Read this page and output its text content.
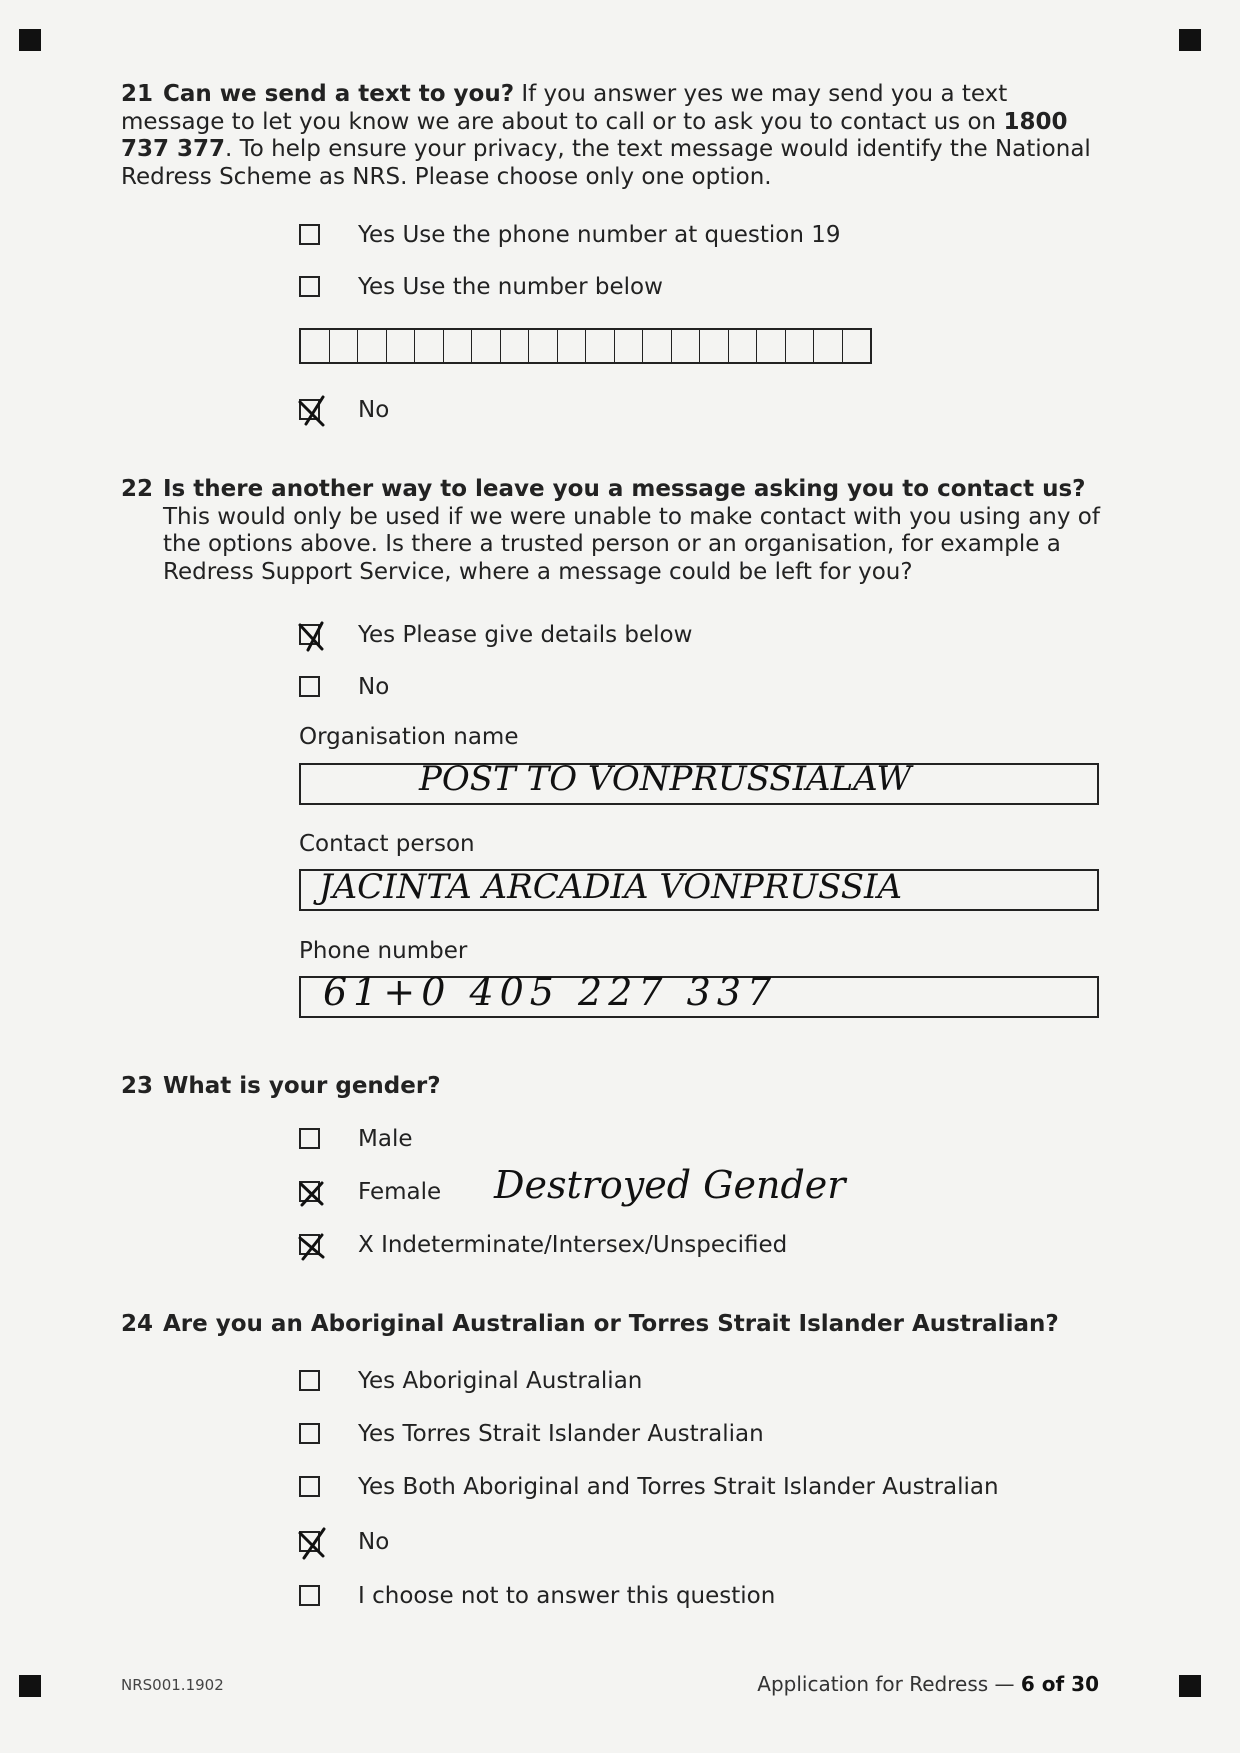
21 Can we send a text to you? If you answer yes we may send you a text message to let you know we are about to call or to ask you to contact us on 1800 737 377. To help ensure your privacy, the text message would identify the National Redress Scheme as NRS. Please choose only one option.
Yes Use the phone number at question 19
Yes Use the number below
No
22 Is there another way to leave you a message asking you to contact us?
This would only be used if we were unable to make contact with you using any of the options above. Is there a trusted person or an organisation, for example a Redress Support Service, where a message could be left for you?
Yes Please give details below
No
Organisation name
POST TO VONPRUSSIALAW
Contact person
JACINTA ARCADIA VONPRUSSIA
Phone number
61+0 405 227 337
23 What is your gender?
Male
Female Destroyed Gender
X Indeterminate/Intersex/Unspecified
24 Are you an Aboriginal Australian or Torres Strait Islander Australian?
Yes Aboriginal Australian
Yes Torres Strait Islander Australian
Yes Both Aboriginal and Torres Strait Islander Australian
No
I choose not to answer this question
NRS001.1902	Application for Redress — 6 of 30
